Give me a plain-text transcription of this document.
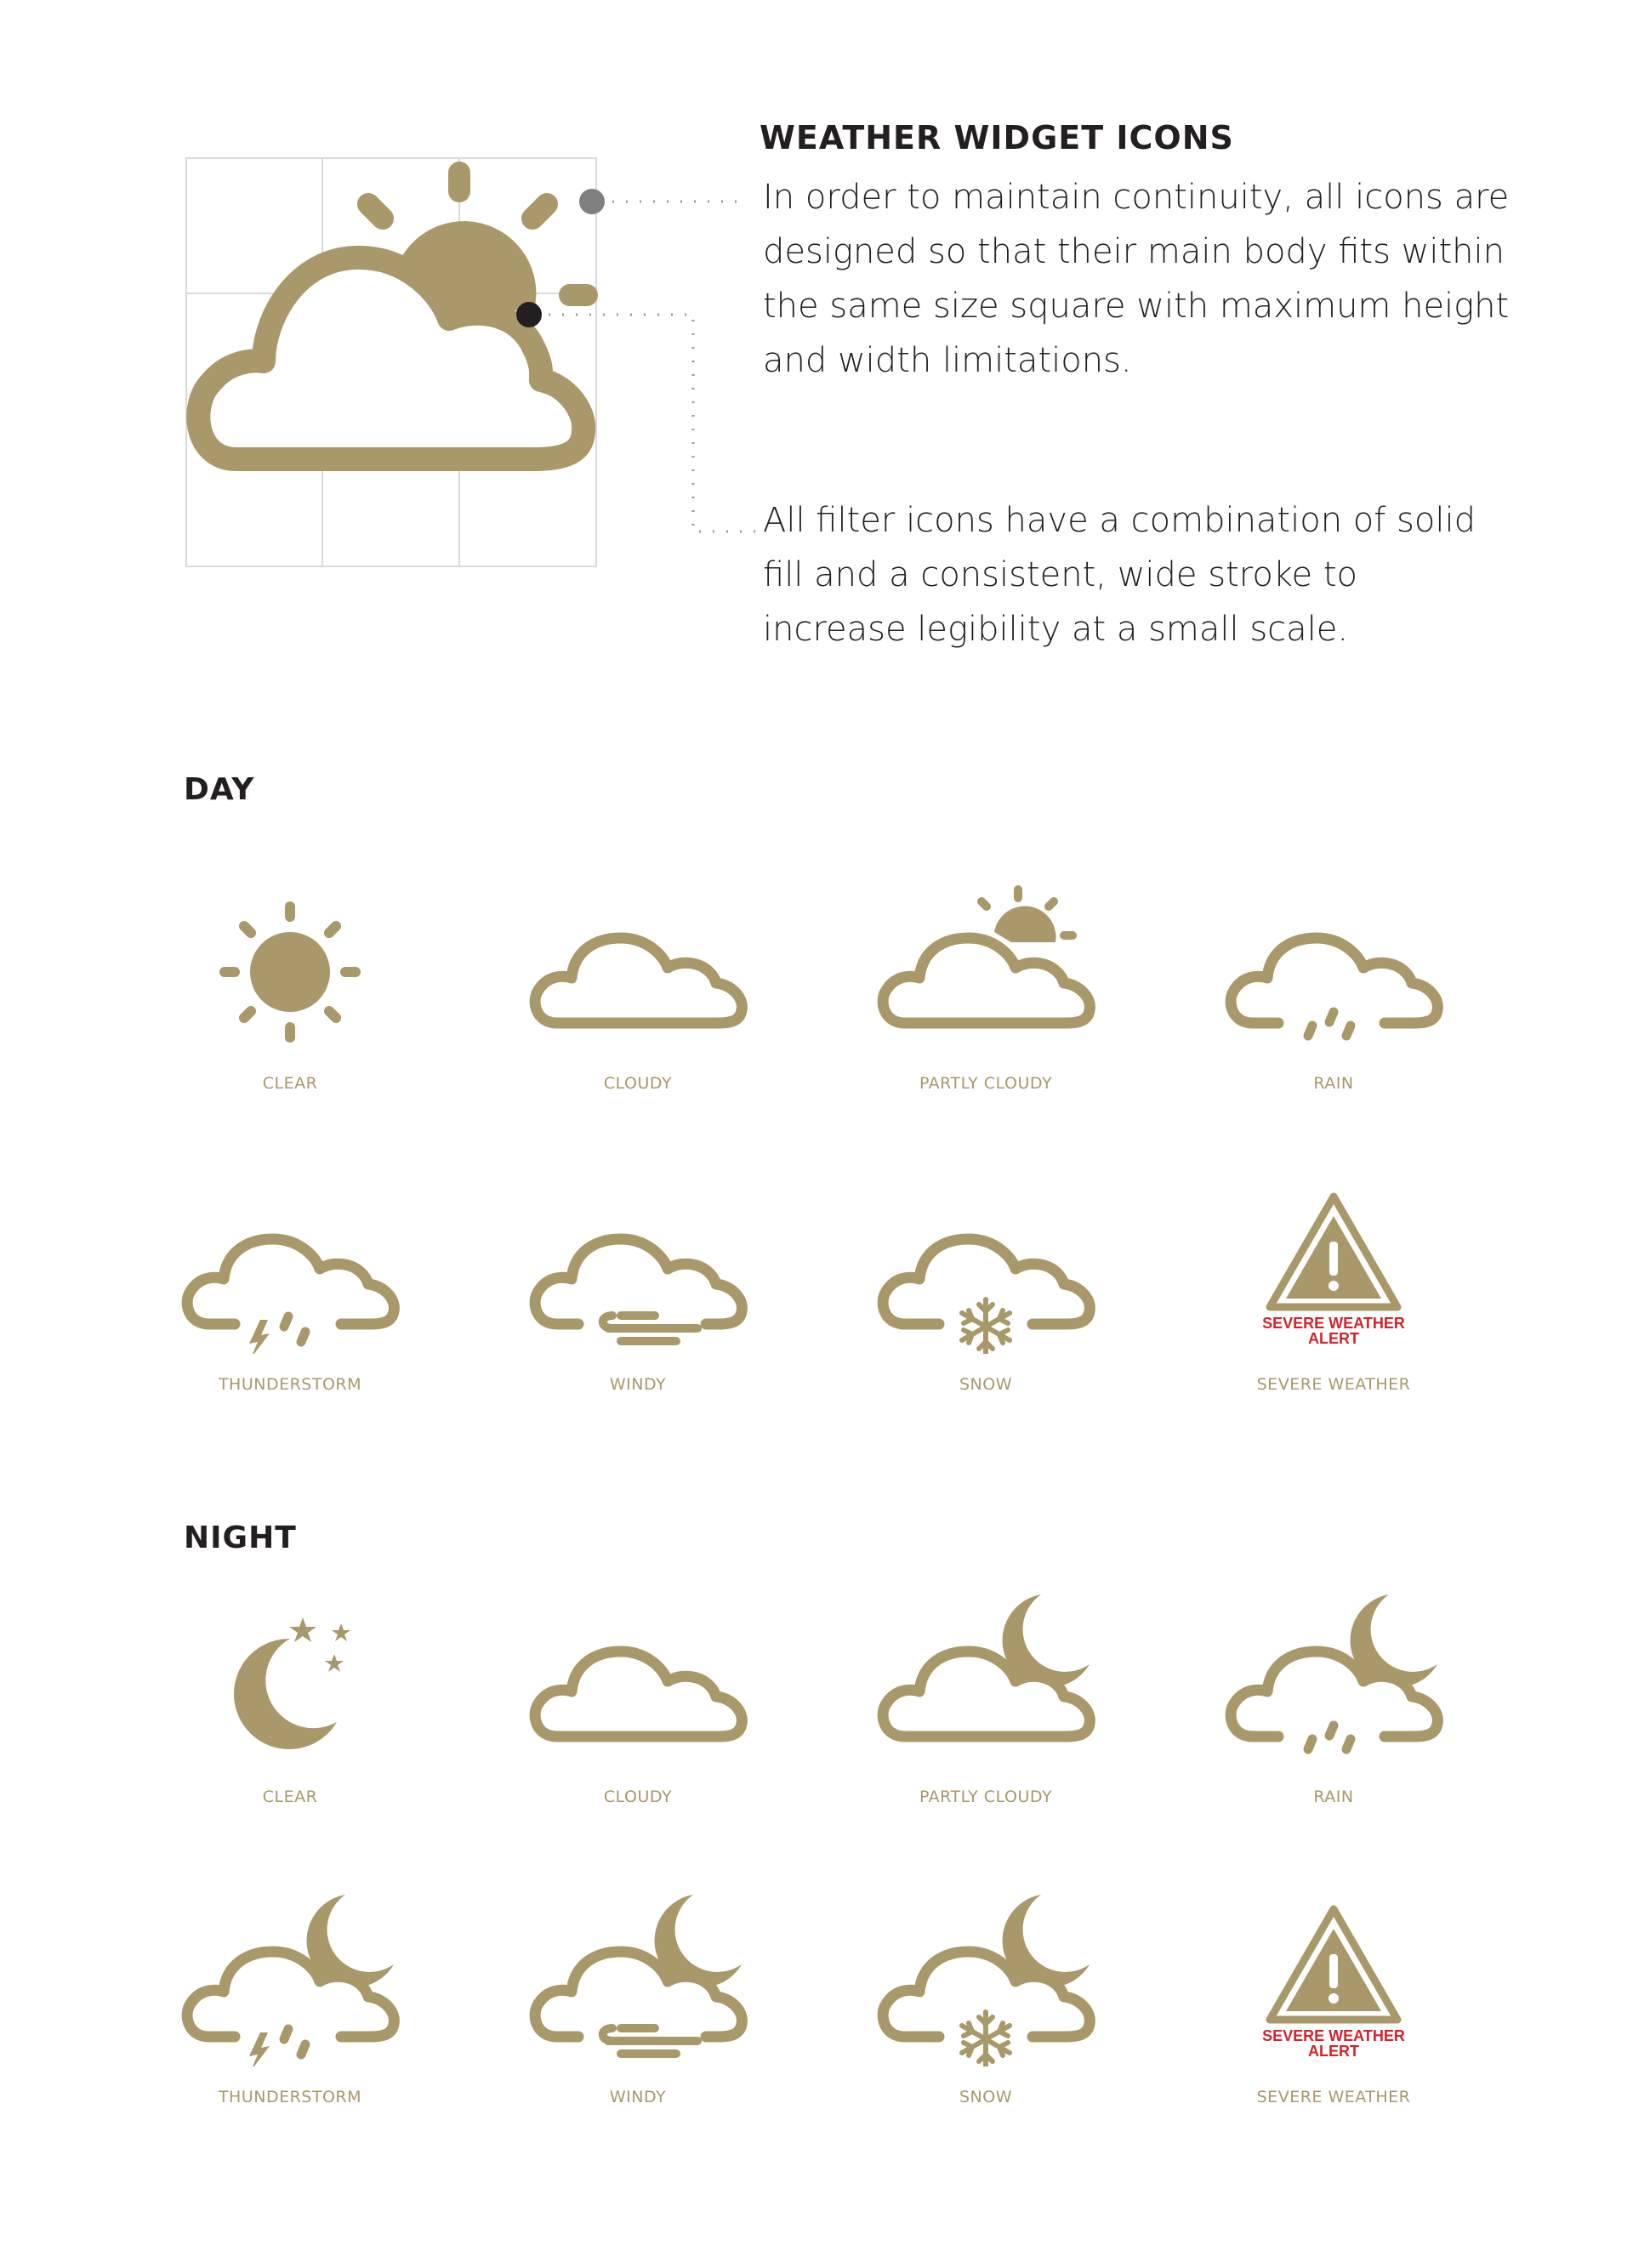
WEATHER WIDGET ICONS
In order to maintain continuity, all icons are
designed so that their main body fits within
the same size square with maximum height
and width limitations.
All filter icons have a combination of solid
fill and a consistent, wide stroke to
increase legibility at a small scale.
DAY
NIGHT
CLEAR	CLOUDY	PARTLY CLOUDY	RAIN
THUNDERSTORM	WINDY	SNOW
SEVERE WEATHER
ALERT
SEVERE WEATHER
CLEAR	CLOUDY	PARTLY CLOUDY	RAIN
THUNDERSTORM	WINDY	SNOW
SEVERE WEATHER
ALERT
SEVERE WEATHER
